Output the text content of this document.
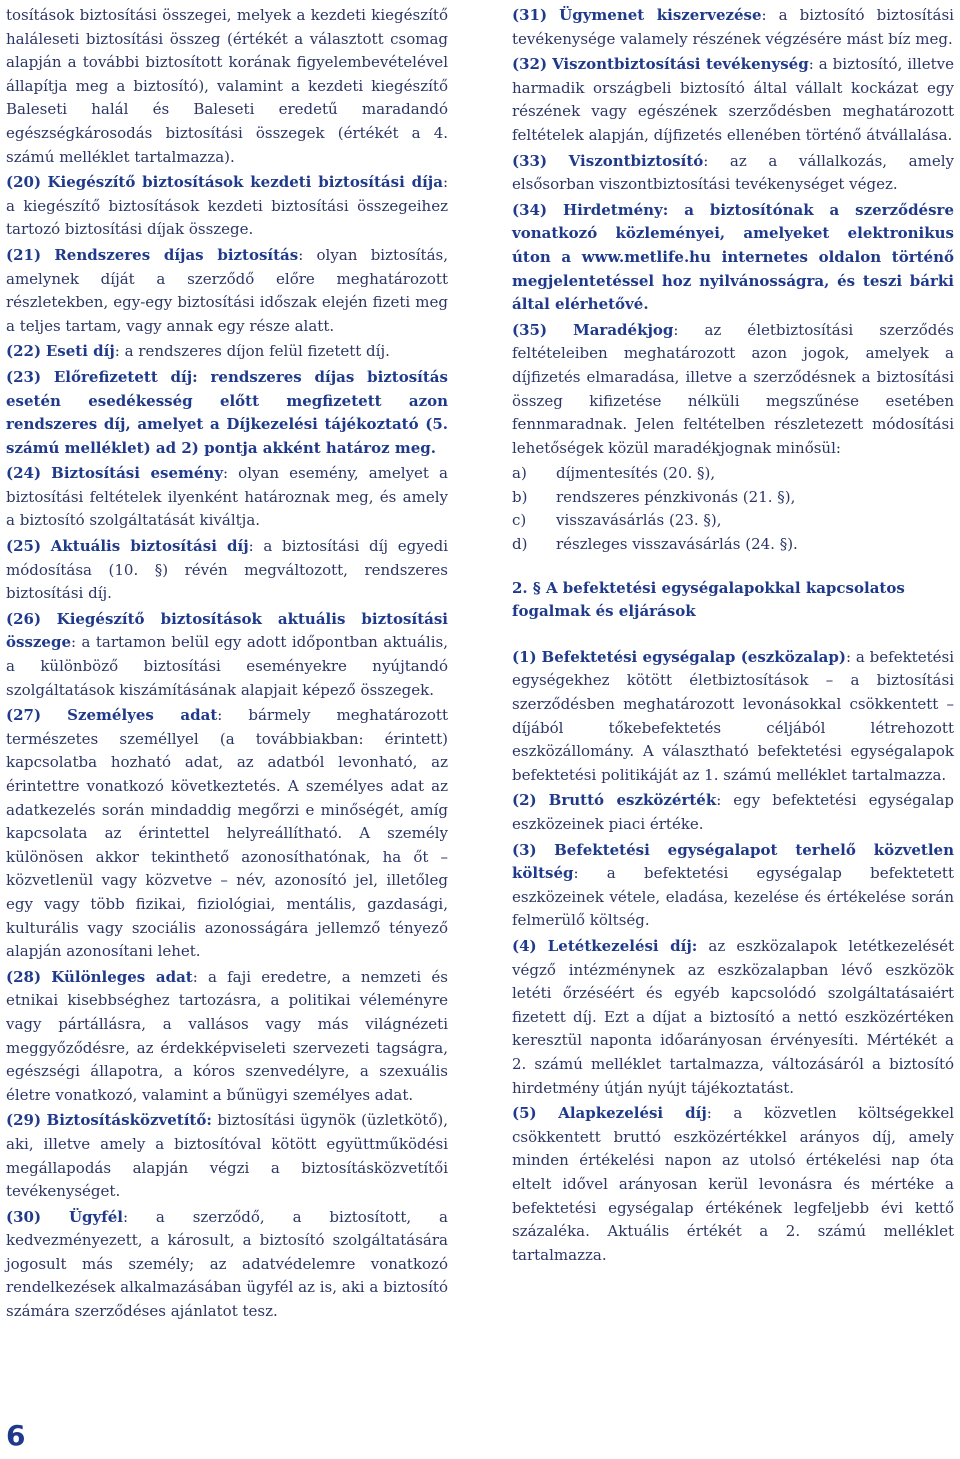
tosítások biztosítási összegei, melyek a kezdeti kiegészítő haláleseti biztosítási összeg (értékét a választott csomag alapján a további biztosított korának figyelembevételével állapítja meg a biztosító), valamint a kezdeti kiegészítő Baleseti halál és Baleseti eredetű maradandó egészségkárosodás biztosítási összegek (értékét a 4. számú melléklet tartalmazza).

(20) Kiegészítő biztosítások kezdeti biztosítási díja: a kiegészítő biztosítások kezdeti biztosítási összegeihez tartozó biztosítási díjak összege.

(21) Rendszeres díjas biztosítás: olyan biztosítás, amelynek díját a szerződő előre meghatározott részletekben, egy-egy biztosítási időszak elején fizeti meg a teljes tartam, vagy annak egy része alatt.

(22) Eseti díj: a rendszeres díjon felül fizetett díj.

(23) Előrefizetett díj: rendszeres díjas biztosítás esetén esedékesség előtt megfizetett azon rendszeres díj, amelyet a Díjkezelési tájékoztató (5. számú melléklet) ad 2) pontja akként határoz meg.

(24) Biztosítási esemény: olyan esemény, amelyet a biztosítási feltételek ilyenként határoznak meg, és amely a biztosító szolgáltatását kiváltja.

(25) Aktuális biztosítási díj: a biztosítási díj egyedi módosítása (10. §) révén megváltozott, rendszeres biztosítási díj.

(26) Kiegészítő biztosítások aktuális biztosítási összege: a tartamon belül egy adott időpontban aktuális, a különböző biztosítási eseményekre nyújtandó szolgáltatások kiszámításának alapjait képező összegek.

(27) Személyes adat: bármely meghatározott természetes személlyel (a továbbiakban: érintett) kapcsolatba hozható adat, az adatból levonható, az érintettre vonatkozó következtetés. A személyes adat az adatkezelés során mindaddig megőrzi e minőségét, amíg kapcsolata az érintettel helyreállítható. A személy különösen akkor tekinthető azonosíthatónak, ha őt – közvetlenül vagy közvetve – név, azonosító jel, illetőleg egy vagy több fizikai, fiziológiai, mentális, gazdasági, kulturális vagy szociális azonosságára jellemző tényező alapján azonosítani lehet.

(28) Különleges adat: a faji eredetre, a nemzeti és etnikai kisebbséghez tartozásra, a politikai véleményre vagy pártállásra, a vallásos vagy más világnézeti meggyőződésre, az érdekképviseleti szervezeti tagságra, egészségi állapotra, a kóros szenvedélyre, a szexuális életre vonatkozó, valamint a bűnügyi személyes adat.

(29) Biztosításközvetítő: biztosítási ügynök (üzletkötő), aki, illetve amely a biztosítóval kötött együttműködési megállapodás alapján végzi a biztosításközvetítői tevékenységet.

(30) Ügyfél: a szerződő, a biztosított, a kedvezményezett, a károsult, a biztosító szolgáltatására jogosult más személy; az adatvédelemre vonatkozó rendelkezések alkalmazásában ügyfél az is, aki a biztosító számára szerződéses ajánlatot tesz.

(31) Ügymenet kiszervezése: a biztosító biztosítási tevékenysége valamely részének végzésére mást bíz meg.

(32) Viszontbiztosítási tevékenység: a biztosító, illetve harmadik országbeli biztosító által vállalt kockázat egy részének vagy egészének szerződésben meghatározott feltételek alapján, díjfizetés ellenében történő átvállalása.

(33) Viszontbiztosító: az a vállalkozás, amely elsősorban viszontbiztosítási tevékenységet végez.

(34) Hirdetmény: a biztosítónak a szerződésre vonatkozó közleményei, amelyeket elektronikus úton a www.metlife.hu internetes oldalon történő megjelentetéssel hoz nyilvánosságra, és teszi bárki által elérhetővé.

(35) Maradékjog: az életbiztosítási szerződés feltételeiben meghatározott azon jogok, amelyek a díjfizetés elmaradása, illetve a szerződésnek a biztosítási összeg kifizetése nélküli megszűnése esetében fennmaradnak. Jelen feltételben részletezett módosítási lehetőségek közül maradékjognak minősül:

a)	díjmentesítés (20. §),
b)	rendszeres pénzkivonás (21. §),
c)	visszavásárlás (23. §),
d)	részleges visszavásárlás (24. §).

2. § A befektetési egységalapokkal kapcsolatos fogalmak és eljárások

(1) Befektetési egységalap (eszközalap): a befektetési egységekhez kötött életbiztosítások – a biztosítási szerződésben meghatározott levonásokkal csökkentett – díjából tőkebefektetés céljából létrehozott eszközállomány. A választható befektetési egységalapok befektetési politikáját az 1. számú melléklet tartalmazza.

(2) Bruttó eszközérték: egy befektetési egységalap eszközeinek piaci értéke.

(3) Befektetési egységalapot terhelő közvetlen költség: a befektetési egységalap befektetett eszközeinek vétele, eladása, kezelése és értékelése során felmerülő költség.

(4) Letétkezelési díj: az eszközalapok letétkezelését végző intézménynek az eszközalapban lévő eszközök letéti őrzéséért és egyéb kapcsolódó szolgáltatásaiért fizetett díj. Ezt a díjat a biztosító a nettó eszközértéken keresztül naponta időarányosan érvényesíti. Mértékét a 2. számú melléklet tartalmazza, változásáról a biztosító hirdetmény útján nyújt tájékoztatást.

(5) Alapkezelési díj: a közvetlen költségekkel csökkentett bruttó eszközértékkel arányos díj, amely minden értékelési napon az utolsó értékelési nap óta eltelt idővel arányosan kerül levonásra és mértéke a befektetési egységalap értékének legfeljebb évi kettő százaléka. Aktuális értékét a 2. számú melléklet tartalmazza.

6
